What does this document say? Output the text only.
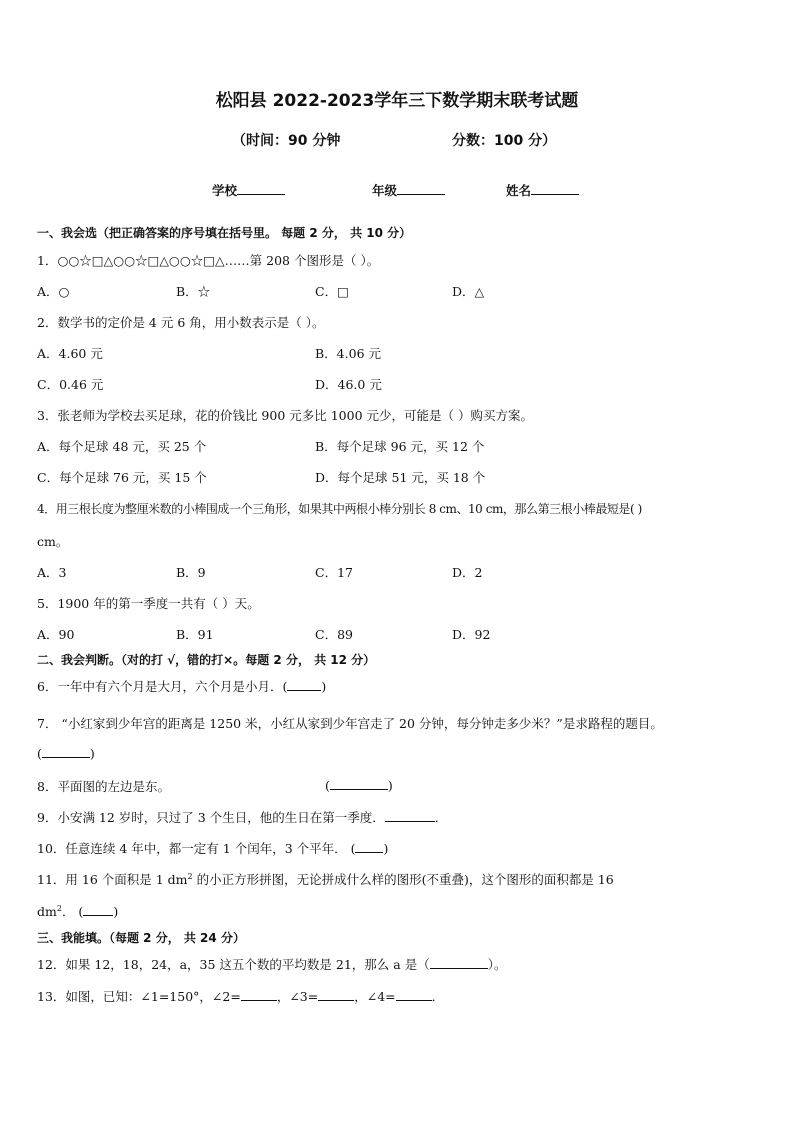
松阳县 2022-2023学年三下数学期末联考试题
（时间：90 分钟	分数：100 分）
学校	年级	姓名
一、我会选（把正确答案的序号填在括号里。 每题 2 分， 共 10 分）
1．○○☆□△○○☆□△○○☆□△……第 208 个图形是（ ）。
A．○	B．☆	C．□	D．△
2．数学书的定价是 4 元 6 角，用小数表示是（ ）。
A．4.60 元	B．4.06 元
C．0.46 元	D．46.0 元
3．张老师为学校去买足球，花的价钱比 900 元多比 1000 元少，可能是（ ）购买方案。
A．每个足球 48 元，买 25 个	B．每个足球 96 元，买 12 个
C．每个足球 76 元，买 15 个	D．每个足球 51 元，买 18 个
4．用三根长度为整厘米数的小棒围成一个三角形，如果其中两根小棒分别长 8 cm、10 cm，那么第三根小棒最短是( )
cm。
A．3	B．9	C．17	D．2
5．1900 年的第一季度一共有（ ）天。
A．90	B．91	C．89	D．92
二、我会判断。（对的打 √，错的打×。每题 2 分， 共 12 分）
6．一年中有六个月是大月，六个月是小月．(	)
7． “小红家到少年宫的距离是 1250 米，小红从家到少年宫走了 20 分钟，每分钟走多少米？”是求路程的题目。
(	)
8．平面图的左边是东。	(	)
9．小安满 12 岁时，只过了 3 个生日，他的生日在第一季度．	．
10．任意连续 4 年中，都一定有 1 个闰年，3 个平年． ( )
11．用 16 个面积是 1 $dm^2$ 的小正方形拼图，无论拼成什么样的图形(不重叠)，这个图形的面积都是 16
$dm^2$． ( )
三、我能填。（每题 2 分， 共 24 分）
12．如果 12，18，24，a，35 这五个数的平均数是 21，那么 a 是（	）。
13．如图，已知：∠1=150°，∠2=	，∠3=	，∠4=	．
